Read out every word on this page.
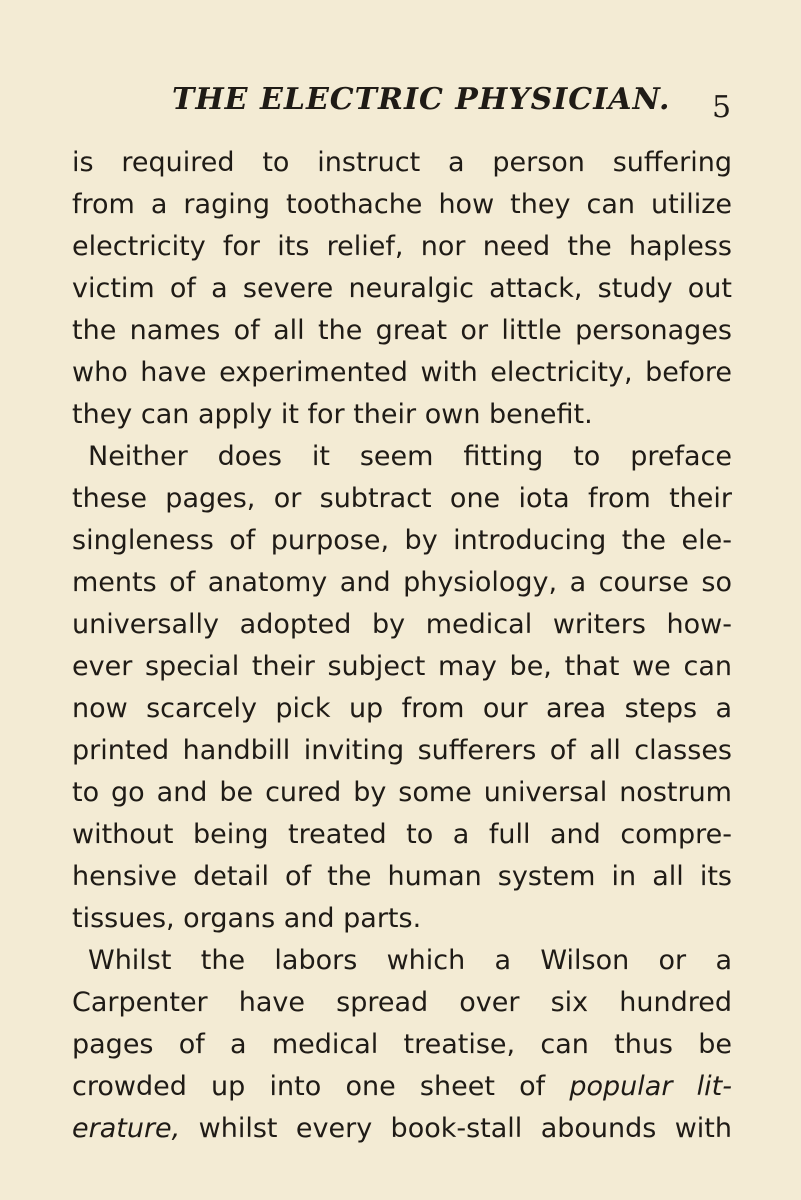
THE ELECTRIC PHYSICIAN. 5
is required to instruct a person suffering
from a raging toothache how they can utilize
electricity for its relief, nor need the hapless
victim of a severe neuralgic attack, study out
the names of all the great or little personages
who have experimented with electricity, before
they can apply it for their own benefit.
Neither does it seem fitting to preface
these pages, or subtract one iota from their
singleness of purpose, by introducing the ele-
ments of anatomy and physiology, a course so
universally adopted by medical writers how-
ever special their subject may be, that we can
now scarcely pick up from our area steps a
printed handbill inviting sufferers of all classes
to go and be cured by some universal nostrum
without being treated to a full and compre-
hensive detail of the human system in all its
tissues, organs and parts.
Whilst the labors which a Wilson or a
Carpenter have spread over six hundred
pages of a medical treatise, can thus be
crowded up into one sheet of popular lit-
erature, whilst every book-stall abounds with
